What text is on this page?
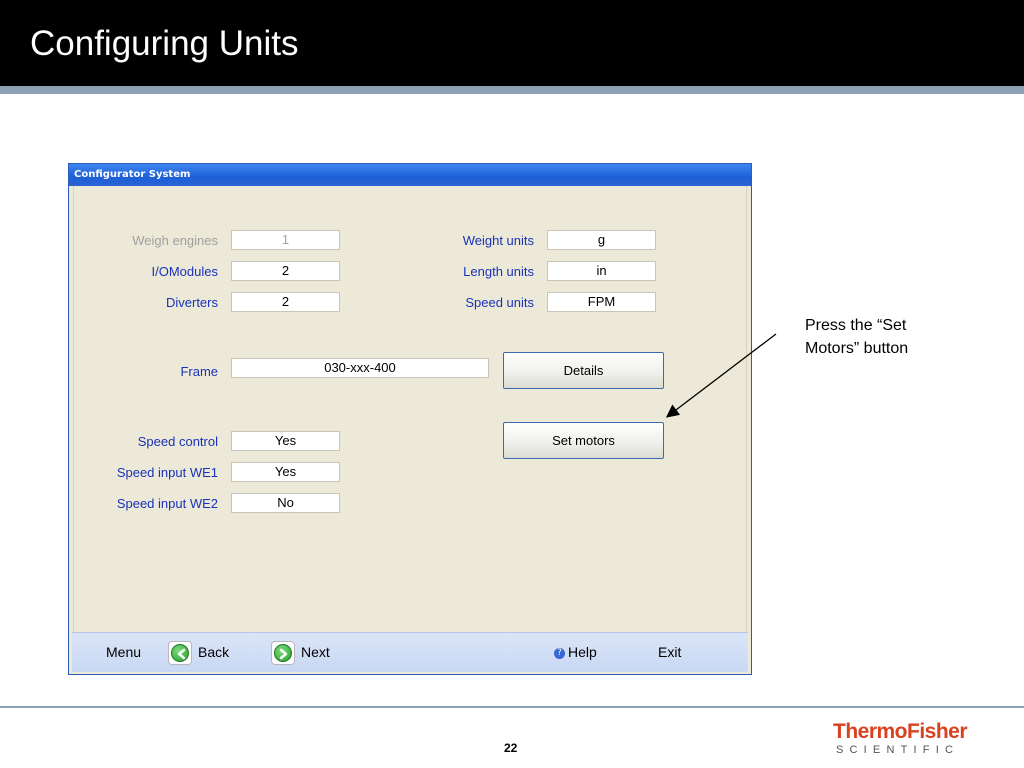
Configuring Units
Configurator System
Weigh engines	1
I/OModules	2
Diverters	2
Weight units	g
Length units	in
Speed units	FPM
Frame	030-xxx-400	Details
Set motors
Speed control	Yes
Speed input WE1	Yes
Speed input WE2	No
Menu	Back	Next	? Help	Exit
Press the “Set
Motors” button
22
ThermoFisher
SCIENTIFIC
